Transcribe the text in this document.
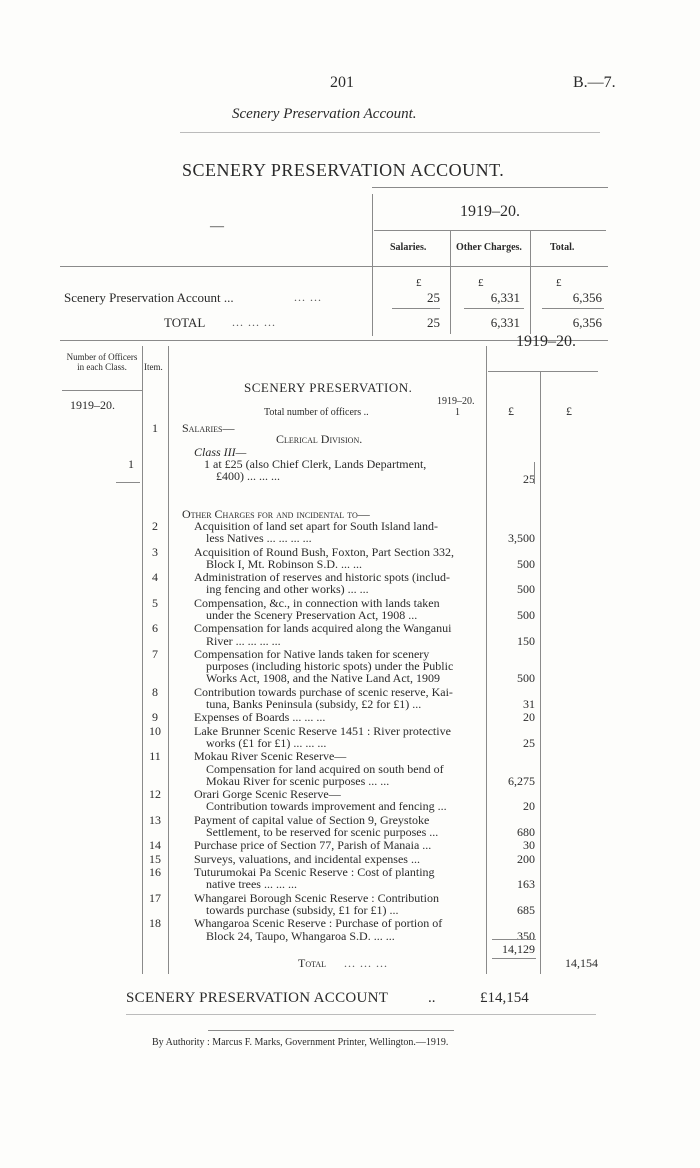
201	B.—7.
Scenery Preservation Account.
SCENERY PRESERVATION ACCOUNT.
1919–20.
—
Salaries.	Other Charges.	Total.
£	£	£
Scenery Preservation Account ...	... ...	25	6,331	6,356
TOTAL ... ... ...	25	6,331	6,356
Number of Officers in each Class.	Item.
1919–20.
1919–20.
SCENERY PRESERVATION.
1919–20.
Total number of officers ..	1	£	£
1	Salaries—
Clerical Division.
Class III—
1	1 at £25 (also Chief Clerk, Lands Department,
£400) ... ... ...	25
Other Charges for and incidental to—
2	Acquisition of land set apart for South Island land-
less Natives ... ... ... ...	3,500
3	Acquisition of Round Bush, Foxton, Part Section 332,
Block I, Mt. Robinson S.D. ... ...	500
4	Administration of reserves and historic spots (includ-
ing fencing and other works) ... ...	500
5	Compensation, &c., in connection with lands taken
under the Scenery Preservation Act, 1908 ...	500
6	Compensation for lands acquired along the Wanganui
River ... ... ... ...	150
7	Compensation for Native lands taken for scenery
purposes (including historic spots) under the Public
Works Act, 1908, and the Native Land Act, 1909	500
8	Contribution towards purchase of scenic reserve, Kai-
tuna, Banks Peninsula (subsidy, £2 for £1) ...	31
9	Expenses of Boards ... ... ...	20
10	Lake Brunner Scenic Reserve 1451 : River protective
works (£1 for £1) ... ... ...	25
11	Mokau River Scenic Reserve—
Compensation for land acquired on south bend of
Mokau River for scenic purposes ... ...	6,275
12	Orari Gorge Scenic Reserve—
Contribution towards improvement and fencing ...	20
13	Payment of capital value of Section 9, Greystoke
Settlement, to be reserved for scenic purposes ...	680
14	Purchase price of Section 77, Parish of Manaia ...	30
15	Surveys, valuations, and incidental expenses ...	200
16	Tuturumokai Pa Scenic Reserve : Cost of planting
native trees ... ... ...	163
17	Whangarei Borough Scenic Reserve : Contribution
towards purchase (subsidy, £1 for £1) ...	685
18	Whangaroa Scenic Reserve : Purchase of portion of
Block 24, Taupo, Whangaroa S.D. ... ...	350
14,129
Total ... ... ...	14,154
SCENERY PRESERVATION ACCOUNT	..	£14,154
By Authority : Marcus F. Marks, Government Printer, Wellington.—1919.
